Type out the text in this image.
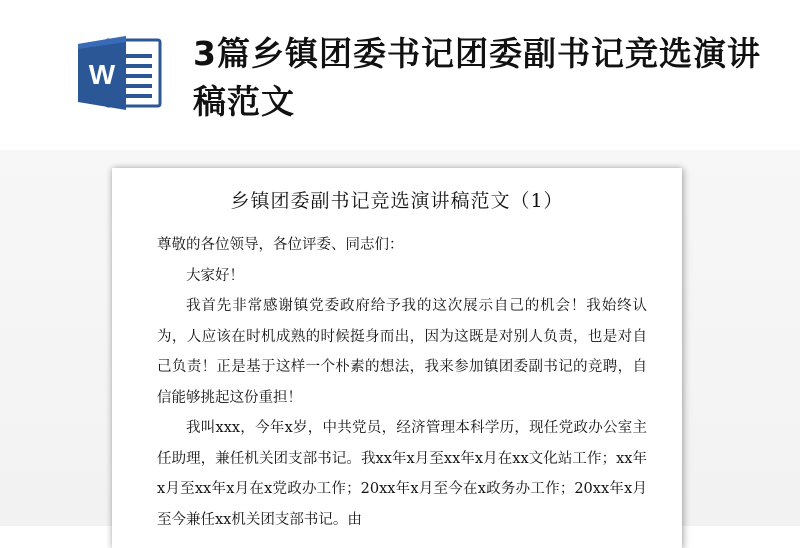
W
3篇乡镇团委书记团委副书记竞选演讲稿范文
乡镇团委副书记竞选演讲稿范文（1）

尊敬的各位领导，各位评委、同志们：

大家好！

我首先非常感谢镇党委政府给予我的这次展示自己的机会！我始终认为，人应该在时机成熟的时候挺身而出，因为这既是对别人负责，也是对自己负责！正是基于这样一个朴素的想法，我来参加镇团委副书记的竞聘，自信能够挑起这份重担！

我叫xxx，今年x岁，中共党员，经济管理本科学历，现任党政办公室主任助理，兼任机关团支部书记。我xx年x月至xx年x月在xx文化站工作；xx年x月至xx年x月在x党政办工作；20xx年x月至今在x政务办工作；20xx年x月至今兼任xx机关团支部书记。由
